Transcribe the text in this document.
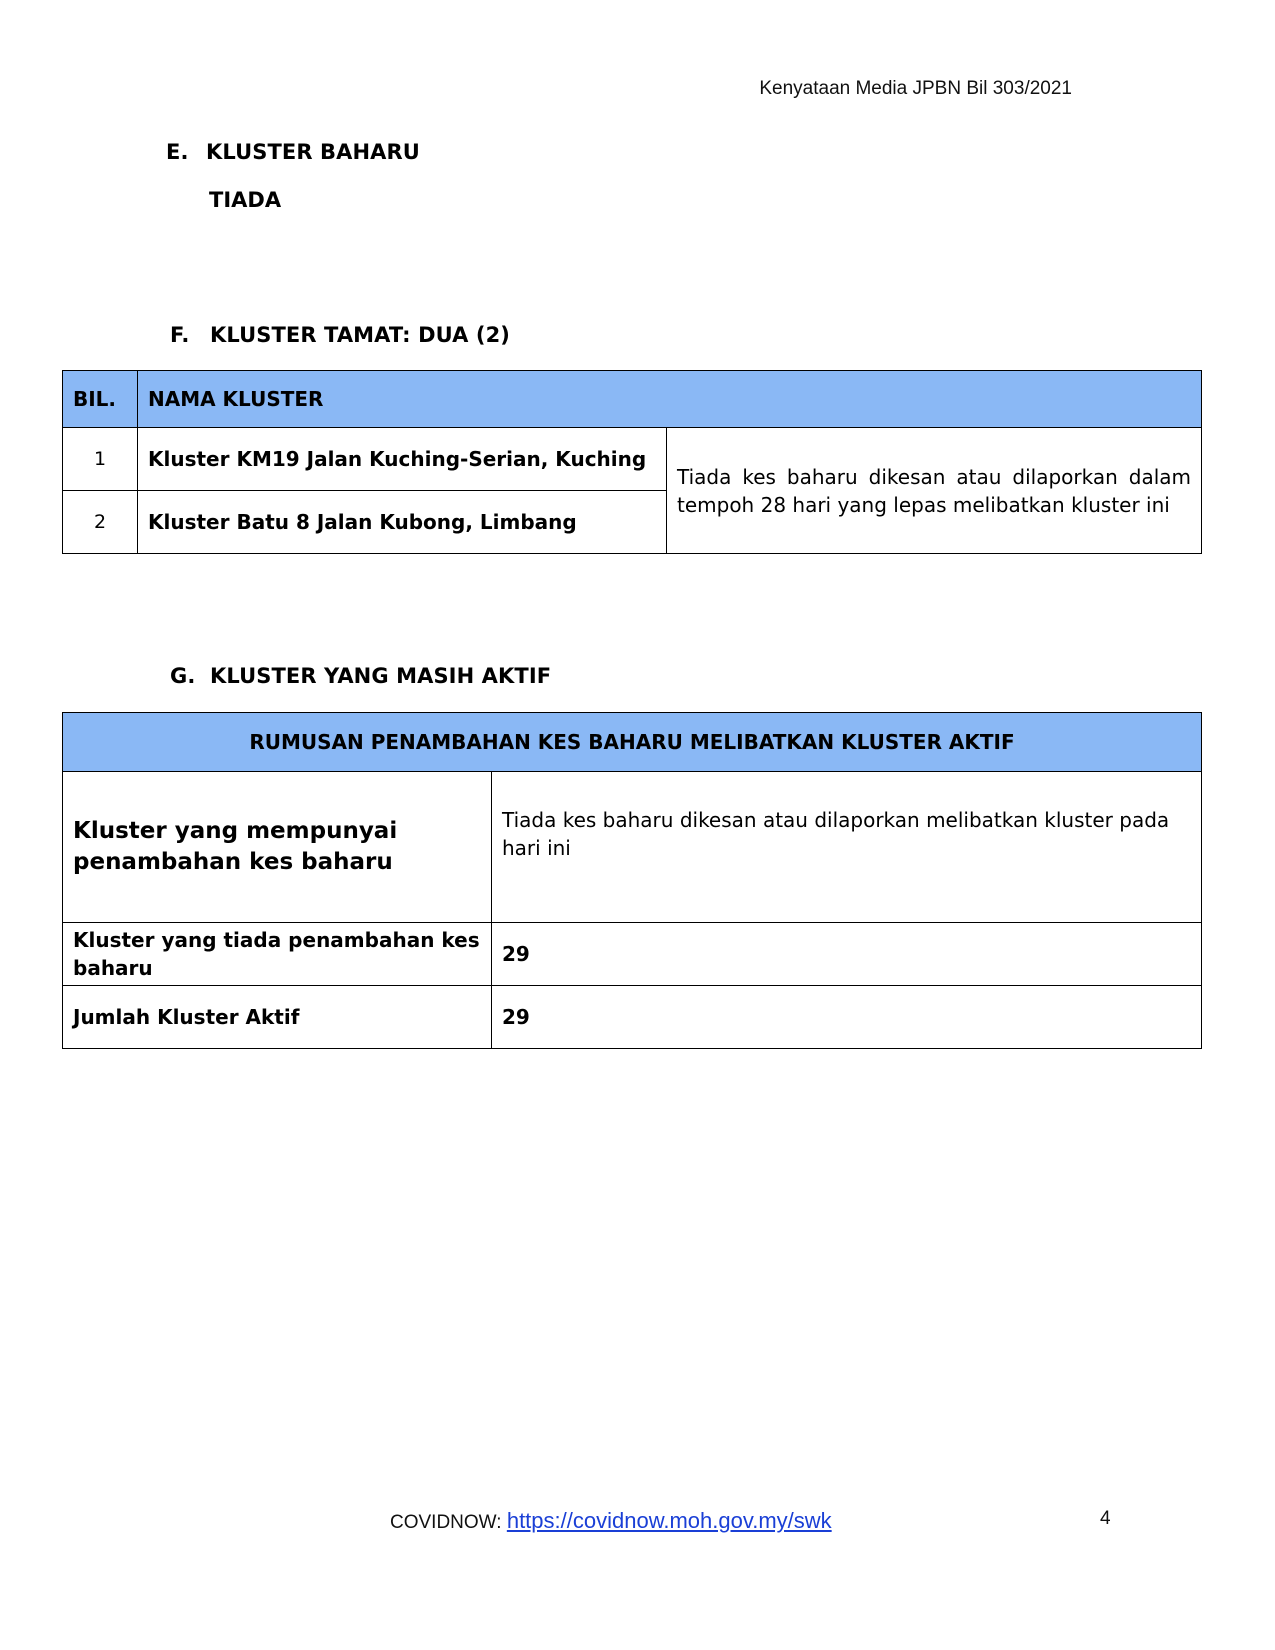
Kenyataan Media JPBN Bil 303/2021
E. KLUSTER BAHARU
TIADA
F. KLUSTER TAMAT: DUA (2)
BIL.	NAMA KLUSTER	
1	Kluster KM19 Jalan Kuching-Serian, Kuching	Tiada kes baharu dikesan atau dilaporkan dalam tempoh 28 hari yang lepas melibatkan kluster ini
2	Kluster Batu 8 Jalan Kubong, Limbang	
G. KLUSTER YANG MASIH AKTIF
RUMUSAN PENAMBAHAN KES BAHARU MELIBATKAN KLUSTER AKTIF	
Kluster yang mempunyai penambahan kes baharu	Tiada kes baharu dikesan atau dilaporkan melibatkan kluster pada hari ini
Kluster yang tiada penambahan kes baharu	29
Jumlah Kluster Aktif	29
COVIDNOW: https://covidnow.moh.gov.my/swk	4
